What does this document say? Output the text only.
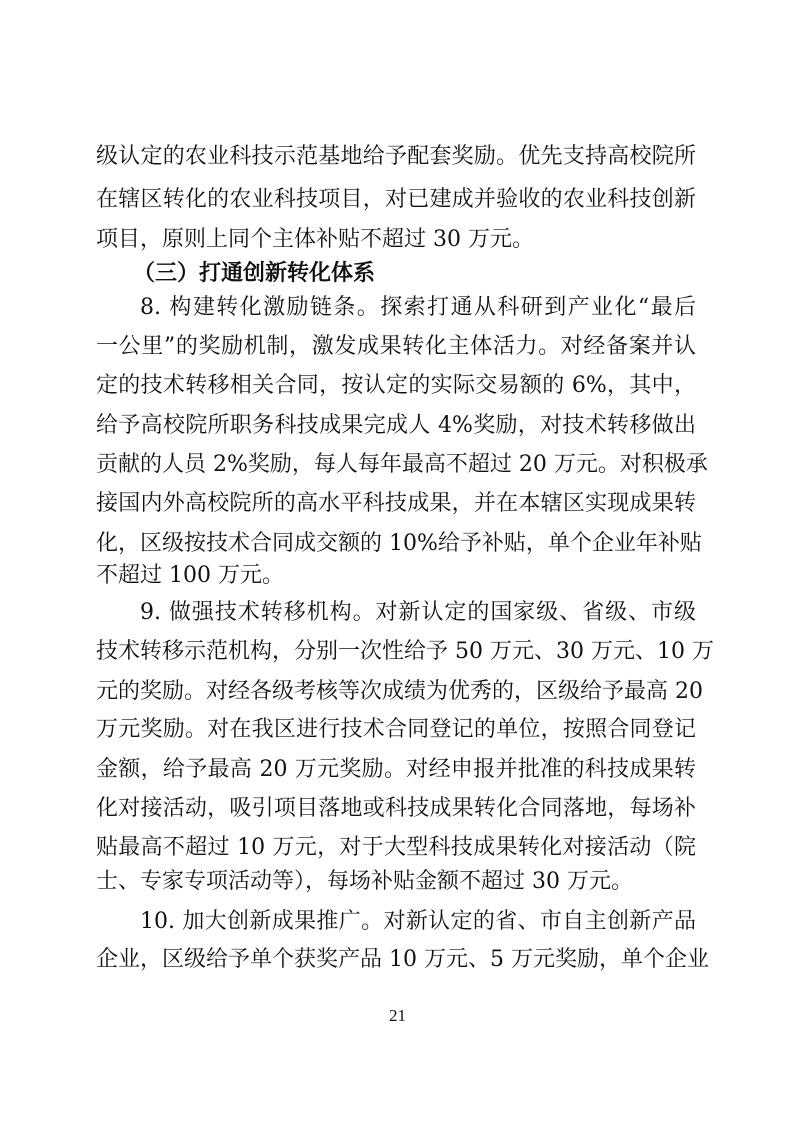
级认定的农业科技示范基地给予配套奖励。优先支持高校院所
在辖区转化的农业科技项目，对已建成并验收的农业科技创新
项目，原则上同个主体补贴不超过 30 万元。
（三）打通创新转化体系
8. 构建转化激励链条。探索打通从科研到产业化“最后
一公里”的奖励机制，激发成果转化主体活力。对经备案并认
定的技术转移相关合同，按认定的实际交易额的 6%，其中，
给予高校院所职务科技成果完成人 4%奖励，对技术转移做出
贡献的人员 2%奖励，每人每年最高不超过 20 万元。对积极承
接国内外高校院所的高水平科技成果，并在本辖区实现成果转
化，区级按技术合同成交额的 10%给予补贴，单个企业年补贴
不超过 100 万元。
9. 做强技术转移机构。对新认定的国家级、省级、市级
技术转移示范机构，分别一次性给予 50 万元、30 万元、10 万
元的奖励。对经各级考核等次成绩为优秀的，区级给予最高 20
万元奖励。对在我区进行技术合同登记的单位，按照合同登记
金额，给予最高 20 万元奖励。对经申报并批准的科技成果转
化对接活动，吸引项目落地或科技成果转化合同落地，每场补
贴最高不超过 10 万元，对于大型科技成果转化对接活动（院
士、专家专项活动等），每场补贴金额不超过 30 万元。
10. 加大创新成果推广。对新认定的省、市自主创新产品
企业，区级给予单个获奖产品 10 万元、5 万元奖励，单个企业
21
